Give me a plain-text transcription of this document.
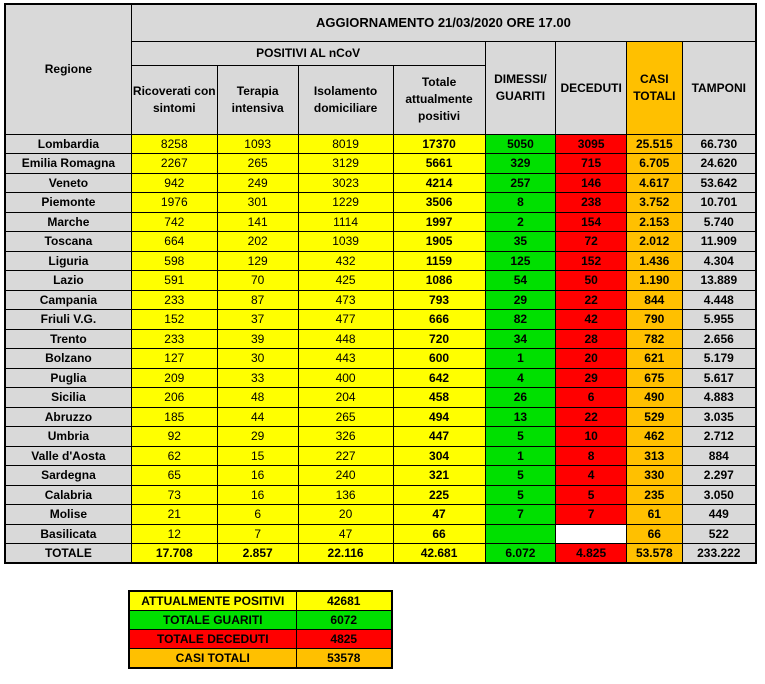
Regione	AGGIORNAMENTO 21/03/2020 ORE 17.00							
	POSITIVI AL nCoV				DIMESSI/ GUARITI	DECEDUTI	CASI TOTALI	TAMPONI
	Ricoverati con sintomi	Terapia intensiva	Isolamento domiciliare	Totale attualmente positivi				
Lombardia	8258	1093	8019	17370	5050	3095	25.515	66.730
Emilia Romagna	2267	265	3129	5661	329	715	6.705	24.620
Veneto	942	249	3023	4214	257	146	4.617	53.642
Piemonte	1976	301	1229	3506	8	238	3.752	10.701
Marche	742	141	1114	1997	2	154	2.153	5.740
Toscana	664	202	1039	1905	35	72	2.012	11.909
Liguria	598	129	432	1159	125	152	1.436	4.304
Lazio	591	70	425	1086	54	50	1.190	13.889
Campania	233	87	473	793	29	22	844	4.448
Friuli V.G.	152	37	477	666	82	42	790	5.955
Trento	233	39	448	720	34	28	782	2.656
Bolzano	127	30	443	600	1	20	621	5.179
Puglia	209	33	400	642	4	29	675	5.617
Sicilia	206	48	204	458	26	6	490	4.883
Abruzzo	185	44	265	494	13	22	529	3.035
Umbria	92	29	326	447	5	10	462	2.712
Valle d'Aosta	62	15	227	304	1	8	313	884
Sardegna	65	16	240	321	5	4	330	2.297
Calabria	73	16	136	225	5	5	235	3.050
Molise	21	6	20	47	7	7	61	449
Basilicata	12	7	47	66			66	522
TOTALE	17.708	2.857	22.116	42.681	6.072	4.825	53.578	233.222
ATTUALMENTE POSITIVI	42681
TOTALE GUARITI	6072
TOTALE DECEDUTI	4825
CASI TOTALI	53578
